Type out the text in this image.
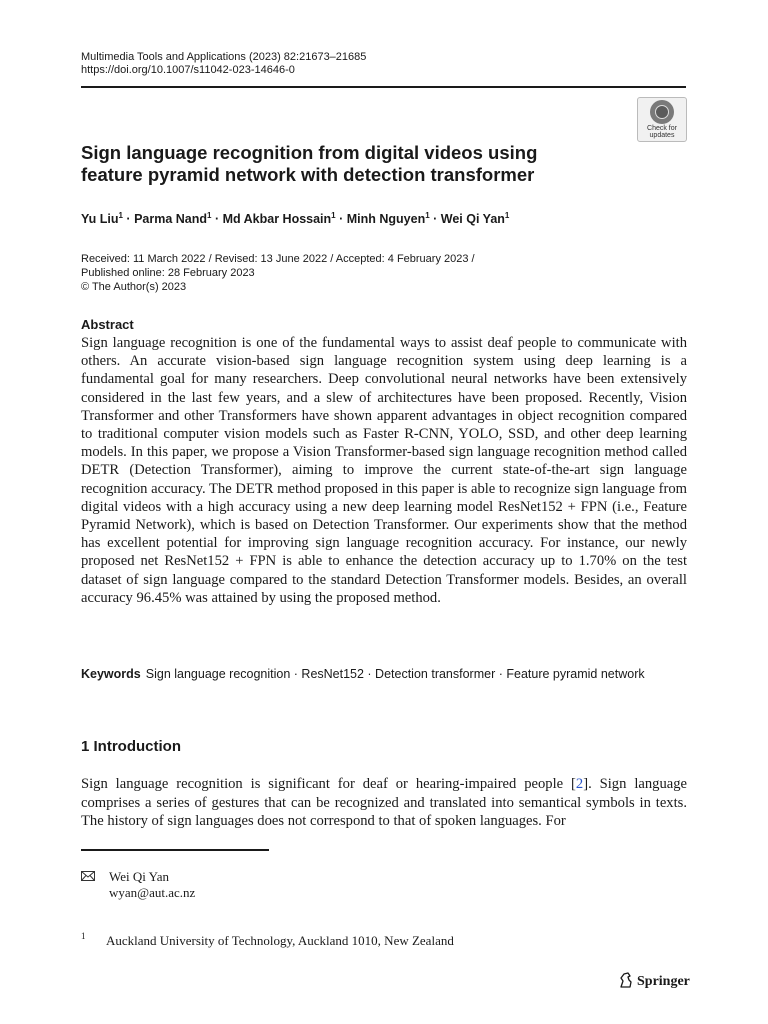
Multimedia Tools and Applications (2023) 82:21673–21685
https://doi.org/10.1007/s11042-023-14646-0
Check for
updates
Sign language recognition from digital videos using feature pyramid network with detection transformer
Yu Liu$^1$ · Parma Nand$^1$ · Md Akbar Hossain$^1$ · Minh Nguyen$^1$ · Wei Qi Yan$^1$
Received: 11 March 2022 / Revised: 13 June 2022 / Accepted: 4 February 2023 /
Published online: 28 February 2023
© The Author(s) 2023
Abstract
Sign language recognition is one of the fundamental ways to assist deaf people to communicate with others. An accurate vision-based sign language recognition system using deep learning is a fundamental goal for many researchers. Deep convolutional neural networks have been extensively considered in the last few years, and a slew of architectures have been proposed. Recently, Vision Transformer and other Transformers have shown apparent advantages in object recognition compared to traditional computer vision models such as Faster R-CNN, YOLO, SSD, and other deep learning models. In this paper, we propose a Vision Transformer-based sign language recognition method called DETR (Detection Transformer), aiming to improve the current state-of-the-art sign language recognition accuracy. The DETR method proposed in this paper is able to recognize sign language from digital videos with a high accuracy using a new deep learning model ResNet152 + FPN (i.e., Feature Pyramid Network), which is based on Detection Transformer. Our experiments show that the method has excellent potential for improving sign language recognition accuracy. For instance, our newly proposed net ResNet152 + FPN is able to enhance the detection accuracy up to 1.70% on the test dataset of sign language compared to the standard Detection Transformer models. Besides, an overall accuracy 96.45% was attained by using the proposed method.
Keywords Sign language recognition · ResNet152 · Detection transformer · Feature pyramid network
1 Introduction
Sign language recognition is significant for deaf or hearing-impaired people [2]. Sign language comprises a series of gestures that can be recognized and translated into semantical symbols in texts. The history of sign languages does not correspond to that of spoken languages. For
Wei Qi Yan
wyan@aut.ac.nz
1 Auckland University of Technology, Auckland 1010, New Zealand
Springer
